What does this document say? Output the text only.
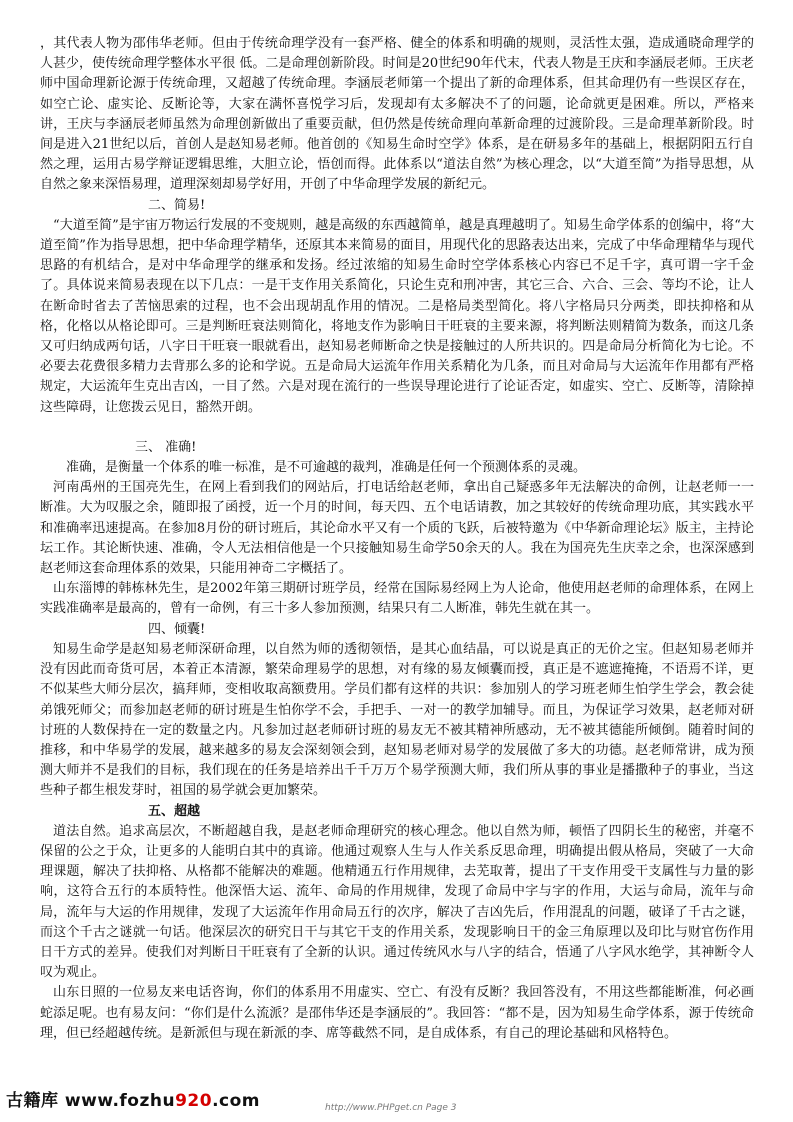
，其代表人物为邵伟华老师。但由于传统命理学没有一套严格、健全的体系和明确的规则，灵活性太强，造成通晓命理学的人甚少，使传统命理学整体水平很 低。二是命理创新阶段。时间是20世纪90年代末，代表人物是王庆和李涵辰老师。王庆老师中国命理新论源于传统命理，又超越了传统命理。李涵辰老师第一个提出了新的命理体系，但其命理仍有一些误区存在，如空亡论、虚实论、反断论等，大家在满怀喜悦学习后，发现却有太多解决不了的问题，论命就更是困难。所以，严格来讲，王庆与李涵辰老师虽然为命理创新做出了重要贡献，但仍然是传统命理向革新命理的过渡阶段。三是命理革新阶段。时间是进入21世纪以后，首创人是赵知易老师。他首创的《知易生命时空学》体系，是在研易多年的基础上，根据阴阳五行自然之理，运用古易学辩证逻辑思维，大胆立论，悟创而得。此体系以“道法自然”为核心理念，以“大道至简”为指导思想，从自然之象来深悟易理，道理深刻却易学好用，开创了中华命理学发展的新纪元。

二、简易!

“大道至简”是宇宙万物运行发展的不变规则，越是高级的东西越简单，越是真理越明了。知易生命学体系的创编中，将“大道至简”作为指导思想，把中华命理学精华，还原其本来简易的面目，用现代化的思路表达出来，完成了中华命理精华与现代思路的有机结合，是对中华命理学的继承和发扬。经过浓缩的知易生命时空学体系核心内容已不足千字，真可谓一字千金了。具体说来简易表现在以下几点：一是干支作用关系简化，只论生克和刑冲害，其它三合、六合、三会、等均不论，让人在断命时省去了苦恼思索的过程，也不会出现胡乱作用的情况。二是格局类型简化。将八字格局只分两类，即扶抑格和从格，化格以从格论即可。三是判断旺衰法则简化，将地支作为影响日干旺衰的主要来源，将判断法则精简为数条，而这几条又可归纳成两句话，八字日干旺衰一眼就看出，赵知易老师断命之快是接触过的人所共识的。四是命局分析简化为七论。不必要去花费很多精力去背那么多的论和学说。五是命局大运流年作用关系精化为几条，而且对命局与大运流年作用都有严格规定，大运流年生克出吉凶，一目了然。六是对现在流行的一些误导理论进行了论证否定，如虚实、空亡、反断等，清除掉这些障碍，让您拨云见日，豁然开朗。

三、 准确!

准确，是衡量一个体系的唯一标准，是不可逾越的裁判，准确是任何一个预测体系的灵魂。

河南禹州的王国亮先生，在网上看到我们的网站后，打电话给赵老师，拿出自己疑惑多年无法解决的命例，让赵老师一一断准。大为叹服之余，随即报了函授，近一个月的时间，每天四、五个电话请教，加之其较好的传统命理功底，其实践水平和准确率迅速提高。在参加8月份的研讨班后，其论命水平又有一个质的飞跃，后被特邀为《中华新命理论坛》版主，主持论坛工作。其论断快速、准确，令人无法相信他是一个只接触知易生命学50余天的人。我在为国亮先生庆幸之余，也深深感到赵老师这套命理体系的效果，只能用神奇二字概括了。

山东淄博的韩栋林先生，是2002年第三期研讨班学员，经常在国际易经网上为人论命，他使用赵老师的命理体系，在网上实践准确率是最高的，曾有一命例，有三十多人参加预测，结果只有二人断准，韩先生就在其一。

四、倾囊!

知易生命学是赵知易老师深研命理，以自然为师的透彻领悟，是其心血结晶，可以说是真正的无价之宝。但赵知易老师并没有因此而奇货可居，本着正本清源，繁荣命理易学的思想，对有缘的易友倾囊而授，真正是不遮遮掩掩，不语焉不详，更不似某些大师分层次，搞拜师，变相收取高额费用。学员们都有这样的共识：参加别人的学习班老师生怕学生学会，教会徒弟饿死师父；而参加赵老师的研讨班是生怕你学不会，手把手、一对一的教学加辅导。而且，为保证学习效果，赵老师对研讨班的人数保持在一定的数量之内。凡参加过赵老师研讨班的易友无不被其精神所感动，无不被其德能所倾倒。随着时间的推移，和中华易学的发展，越来越多的易友会深刻领会到，赵知易老师对易学的发展做了多大的功德。赵老师常讲，成为预测大师并不是我们的目标，我们现在的任务是培养出千千万万个易学预测大师，我们所从事的事业是播撒种子的事业，当这些种子都生根发芽时，祖国的易学就会更加繁荣。

五、超越

道法自然。追求高层次，不断超越自我，是赵老师命理研究的核心理念。他以自然为师，顿悟了四阴长生的秘密，并毫不保留的公之于众，让更多的人能明白其中的真谛。他通过观察人生与人作关系反思命理，明确提出假从格局，突破了一大命理课题，解决了扶抑格、从格都不能解决的难题。他精通五行作用规律，去芜取菁，提出了干支作用受干支属性与力量的影响，这符合五行的本质特性。他深悟大运、流年、命局的作用规律，发现了命局中字与字的作用，大运与命局，流年与命局，流年与大运的作用规律，发现了大运流年作用命局五行的次序，解决了吉凶先后，作用混乱的问题，破译了千古之谜，而这个千古之谜就一句话。他深层次的研究日干与其它干支的作用关系，发现影响日干的金三角原理以及印比与财官伤作用日干方式的差异。使我们对判断日干旺衰有了全新的认识。通过传统风水与八字的结合，悟通了八字风水绝学，其神断令人叹为观止。

山东日照的一位易友来电话咨询，你们的体系用不用虚实、空亡、有没有反断？我回答没有，不用这些都能断准，何必画蛇添足呢。也有易友问：“你们是什么流派？是邵伟华还是李涵辰的”。我回答：“都不是，因为知易生命学体系，源于传统命理，但已经超越传统。是新派但与现在新派的李、席等截然不同，是自成体系，有自己的理论基础和风格特色。

古籍库 www.fozhu920.com	http://www.PHPget.cn Page 3
